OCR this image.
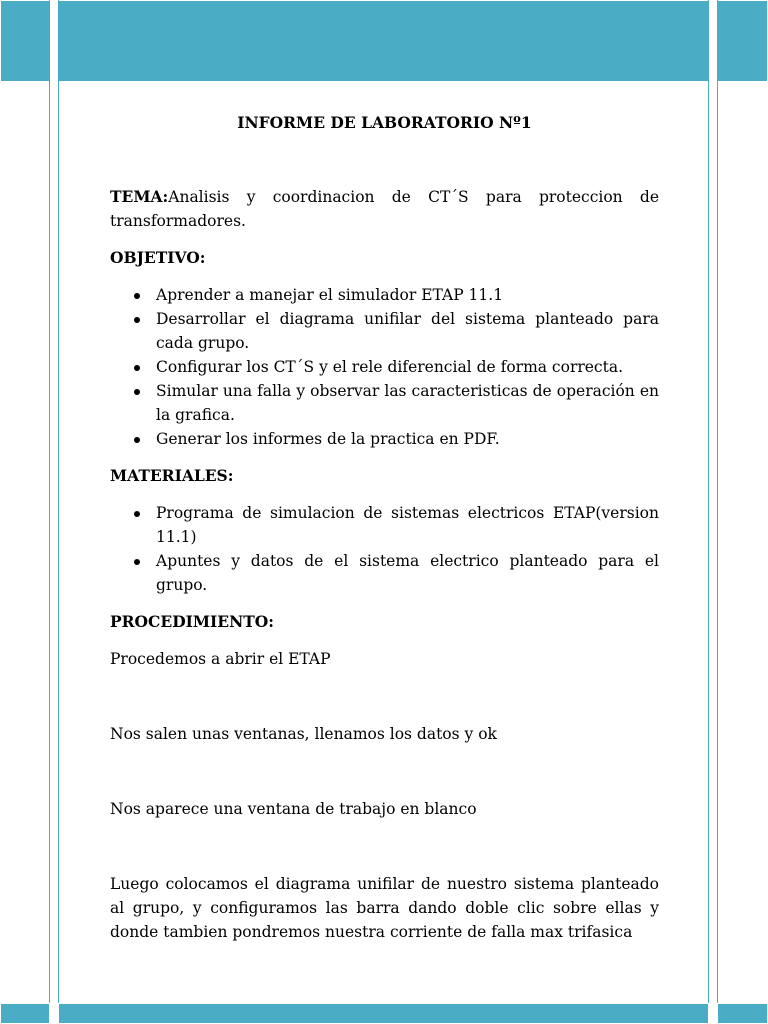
INFORME DE LABORATORIO Nº1

TEMA:Analisis y coordinacion de CT´S para proteccion de transformadores.

OBJETIVO:

Aprender a manejar el simulador ETAP 11.1
Desarrollar el diagrama unifilar del sistema planteado para cada grupo.
Configurar los CT´S y el rele diferencial de forma correcta.
Simular una falla y observar las caracteristicas de operación en la grafica.
Generar los informes de la practica en PDF.

MATERIALES:

Programa de simulacion de sistemas electricos ETAP(version 11.1)
Apuntes y datos de el sistema electrico planteado para el grupo.

PROCEDIMIENTO:

Procedemos a abrir el ETAP

Nos salen unas ventanas, llenamos los datos y ok

Nos aparece una ventana de trabajo en blanco

Luego colocamos el diagrama unifilar de nuestro sistema planteado al grupo, y configuramos las barra dando doble clic sobre ellas y donde tambien pondremos nuestra corriente de falla max trifasica
